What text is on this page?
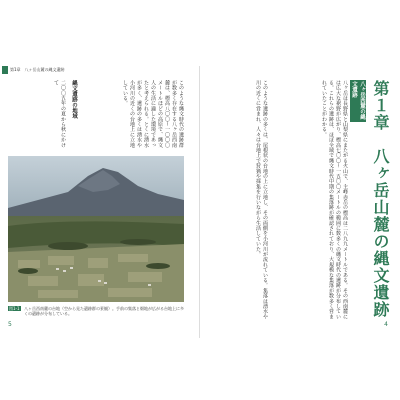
第1章　八ヶ岳山麓の縄文遺跡
このような縄文時代の遺跡群が数多く存在する八ヶ岳西南麓は、標高八〇〇〜一〇〇〇メートルほどの高原で、縄文人の生活に適した環境であったと考えられる。とくに湧水が多く、遺跡の多くは湧水や小河川の近くの台地上に立地している。
縄文遺跡の地域
二〇〇五年の夏から秋にかけて
図1-1 八ヶ岳西南麓の台地（空から見た遺跡群の景観）。手前の集落と畑地が広がる台地上に多くの遺跡が分布している。
5
第１章　八ヶ岳山麓の縄文遺跡
八ヶ岳西麓の縄文遺跡
八ヶ岳は長野県と山梨県にまたがる火山で、主峰赤岳の標高は二八九九メートルである。その西南麓には広大な裾野が広がり、標高七〇〇〜一五〇〇メートルの範囲に数多くの縄文時代の遺跡が分布している。これらの遺跡は、ほぼ全域で縄文時代中期の集落跡が確認されており、大規模な集落が数多く営まれていたことがわかる。
このような遺跡の多くは、尾根状の台地の上に立地し、その両側を小河川が流れている。集落は湧水や川の近くに営まれ、人々は台地上で狩猟や採集を行いながら生活していた。
4
